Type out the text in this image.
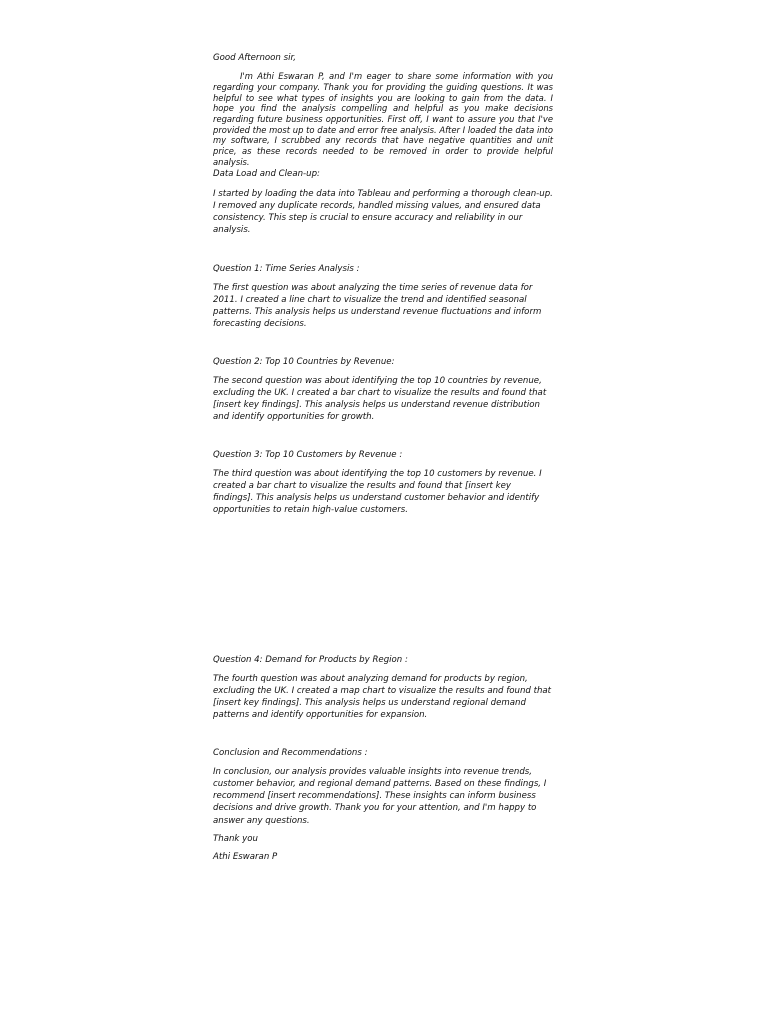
Good Afternoon sir,

I'm Athi Eswaran P, and I'm eager to share some information with you regarding your company. Thank you for providing the guiding questions. It was helpful to see what types of insights you are looking to gain from the data. I hope you find the analysis compelling and helpful as you make decisions regarding future business opportunities. First off, I want to assure you that I've provided the most up to date and error free analysis. After I loaded the data into my software, I scrubbed any records that have negative quantities and unit price, as these records needed to be removed in order to provide helpful analysis.

Data Load and Clean-up:

I started by loading the data into Tableau and performing a thorough clean-up. I removed any duplicate records, handled missing values, and ensured data consistency. This step is crucial to ensure accuracy and reliability in our analysis.

Question 1: Time Series Analysis :

The first question was about analyzing the time series of revenue data for 2011. I created a line chart to visualize the trend and identified seasonal patterns. This analysis helps us understand revenue fluctuations and inform forecasting decisions.

Question 2: Top 10 Countries by Revenue:

The second question was about identifying the top 10 countries by revenue, excluding the UK. I created a bar chart to visualize the results and found that [insert key findings]. This analysis helps us understand revenue distribution and identify opportunities for growth.

Question 3: Top 10 Customers by Revenue :

The third question was about identifying the top 10 customers by revenue. I created a bar chart to visualize the results and found that [insert key findings]. This analysis helps us understand customer behavior and identify opportunities to retain high-value customers.

Question 4: Demand for Products by Region :

The fourth question was about analyzing demand for products by region, excluding the UK. I created a map chart to visualize the results and found that [insert key findings]. This analysis helps us understand regional demand patterns and identify opportunities for expansion.

Conclusion and Recommendations :

In conclusion, our analysis provides valuable insights into revenue trends, customer behavior, and regional demand patterns. Based on these findings, I recommend [insert recommendations]. These insights can inform business decisions and drive growth. Thank you for your attention, and I'm happy to answer any questions.

Thank you

Athi Eswaran P
